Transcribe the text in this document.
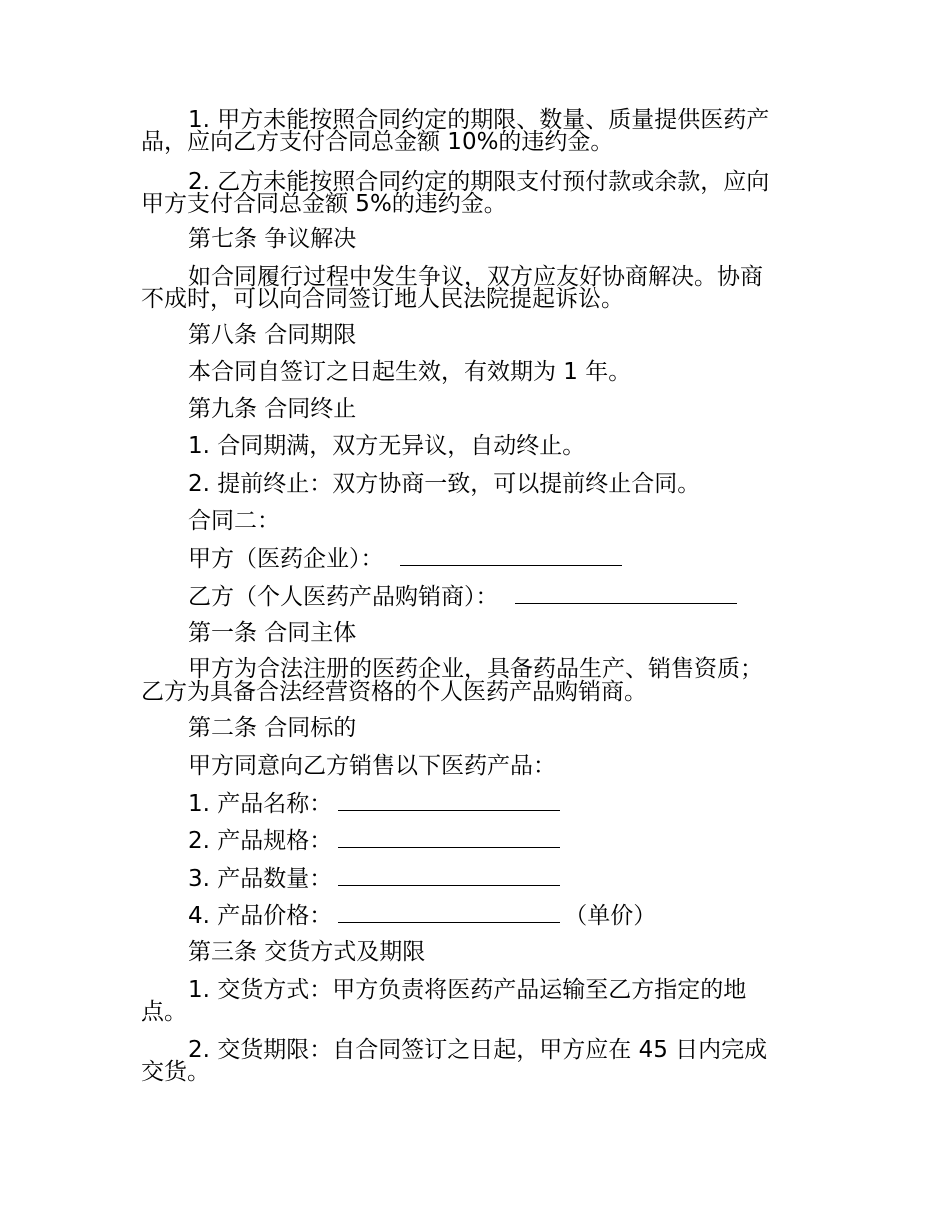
1. 甲方未能按照合同约定的期限、数量、质量提供医药产
品，应向乙方支付合同总金额 10%的违约金。
2. 乙方未能按照合同约定的期限支付预付款或余款，应向
甲方支付合同总金额 5%的违约金。
第七条 争议解决
如合同履行过程中发生争议，双方应友好协商解决。协商
不成时，可以向合同签订地人民法院提起诉讼。
第八条 合同期限
本合同自签订之日起生效，有效期为 1 年。
第九条 合同终止
1. 合同期满，双方无异议，自动终止。
2. 提前终止：双方协商一致，可以提前终止合同。
合同二：
甲方（医药企业）：
乙方（个人医药产品购销商）：
第一条 合同主体
甲方为合法注册的医药企业，具备药品生产、销售资质；
乙方为具备合法经营资格的个人医药产品购销商。
第二条 合同标的
甲方同意向乙方销售以下医药产品：
1. 产品名称：
2. 产品规格：
3. 产品数量：
4. 产品价格：	（单价）
第三条 交货方式及期限
1. 交货方式：甲方负责将医药产品运输至乙方指定的地
点。
2. 交货期限：自合同签订之日起，甲方应在 45 日内完成
交货。
